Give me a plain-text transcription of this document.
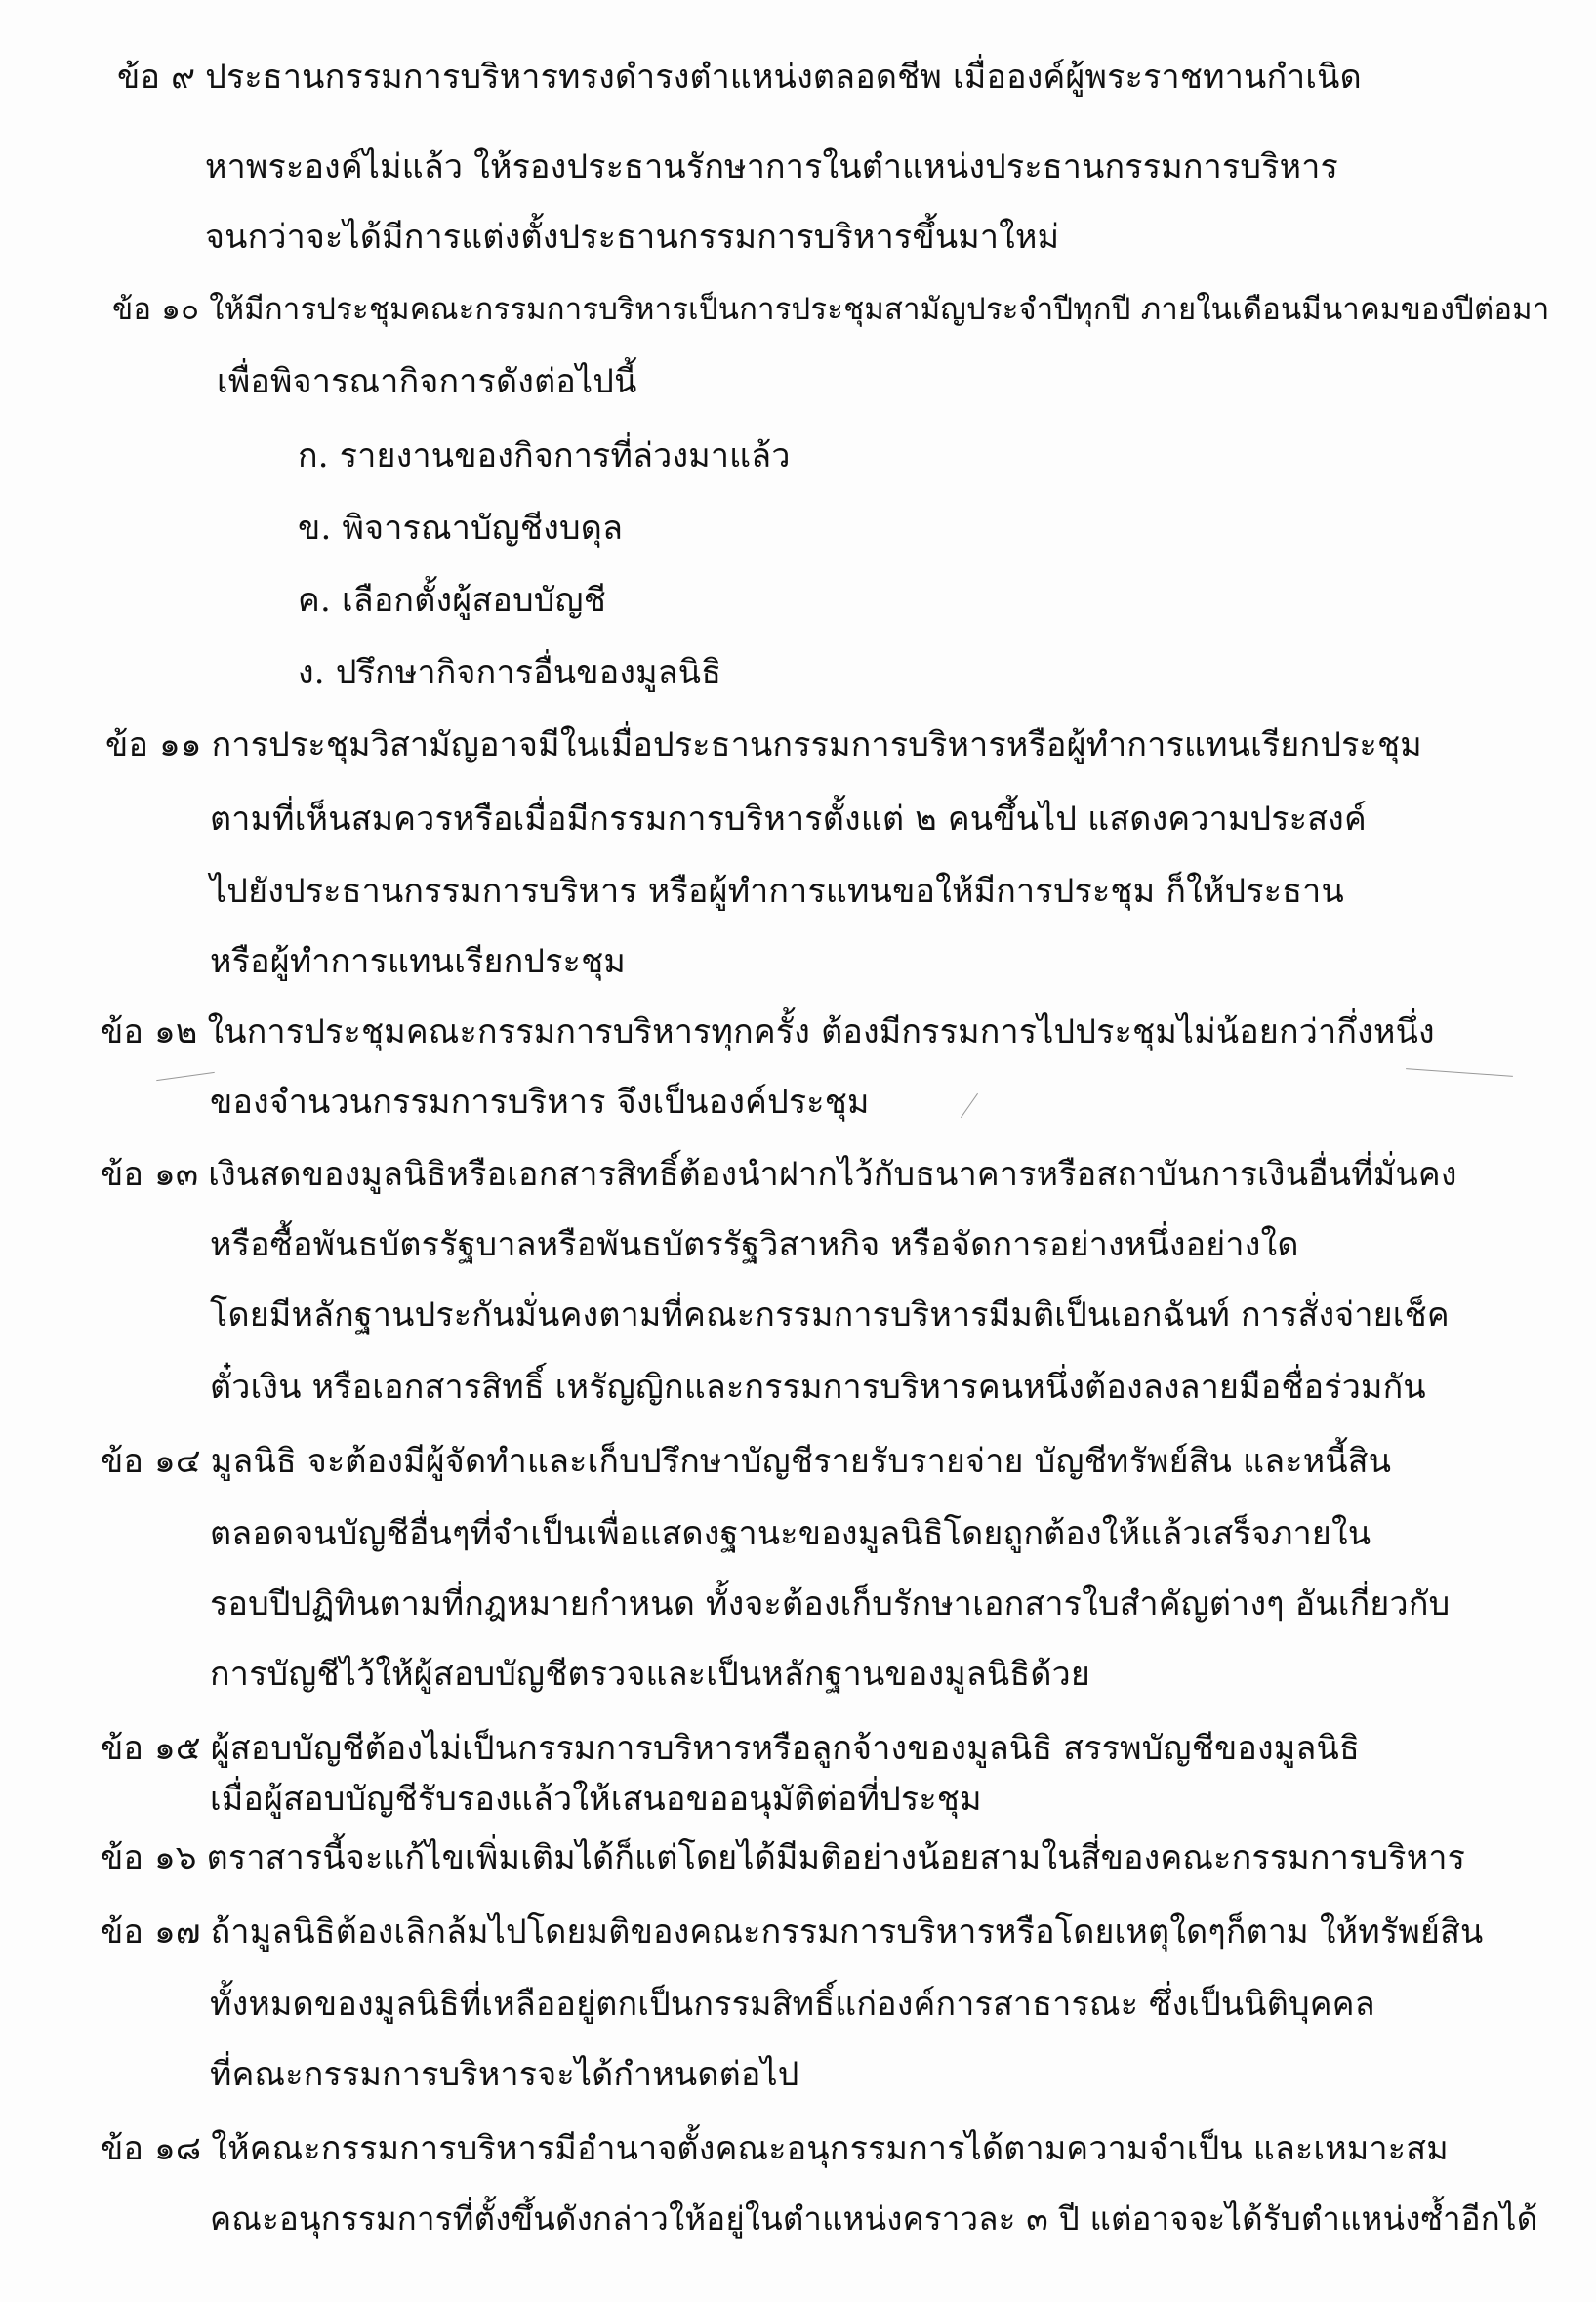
ข้อ ๙ ประธานกรรมการบริหารทรงดำรงตำแหน่งตลอดชีพ เมื่อองค์ผู้พระราชทานกำเนิด
หาพระองค์ไม่แล้ว ให้รองประธานรักษาการในตำแหน่งประธานกรรมการบริหาร
จนกว่าจะได้มีการแต่งตั้งประธานกรรมการบริหารขึ้นมาใหม่
ข้อ ๑๐ ให้มีการประชุมคณะกรรมการบริหารเป็นการประชุมสามัญประจำปีทุกปี ภายในเดือนมีนาคมของปีต่อมา
เพื่อพิจารณากิจการดังต่อไปนี้
ก. รายงานของกิจการที่ล่วงมาแล้ว
ข. พิจารณาบัญชีงบดุล
ค. เลือกตั้งผู้สอบบัญชี
ง. ปรึกษากิจการอื่นของมูลนิธิ
ข้อ ๑๑ การประชุมวิสามัญอาจมีในเมื่อประธานกรรมการบริหารหรือผู้ทำการแทนเรียกประชุม
ตามที่เห็นสมควรหรือเมื่อมีกรรมการบริหารตั้งแต่ ๒ คนขึ้นไป แสดงความประสงค์
ไปยังประธานกรรมการบริหาร หรือผู้ทำการแทนขอให้มีการประชุม ก็ให้ประธาน
หรือผู้ทำการแทนเรียกประชุม
ข้อ ๑๒ ในการประชุมคณะกรรมการบริหารทุกครั้ง ต้องมีกรรมการไปประชุมไม่น้อยกว่ากึ่งหนึ่ง
ของจำนวนกรรมการบริหาร จึงเป็นองค์ประชุม
ข้อ ๑๓ เงินสดของมูลนิธิหรือเอกสารสิทธิ์ต้องนำฝากไว้กับธนาคารหรือสถาบันการเงินอื่นที่มั่นคง
หรือซื้อพันธบัตรรัฐบาลหรือพันธบัตรรัฐวิสาหกิจ หรือจัดการอย่างหนึ่งอย่างใด
โดยมีหลักฐานประกันมั่นคงตามที่คณะกรรมการบริหารมีมติเป็นเอกฉันท์ การสั่งจ่ายเช็ค
ตั๋วเงิน หรือเอกสารสิทธิ์ เหรัญญิกและกรรมการบริหารคนหนึ่งต้องลงลายมือชื่อร่วมกัน
ข้อ ๑๔ มูลนิธิ จะต้องมีผู้จัดทำและเก็บปรึกษาบัญชีรายรับรายจ่าย บัญชีทรัพย์สิน และหนี้สิน
ตลอดจนบัญชีอื่นๆที่จำเป็นเพื่อแสดงฐานะของมูลนิธิโดยถูกต้องให้แล้วเสร็จภายใน
รอบปีปฏิทินตามที่กฎหมายกำหนด ทั้งจะต้องเก็บรักษาเอกสารใบสำคัญต่างๆ อันเกี่ยวกับ
การบัญชีไว้ให้ผู้สอบบัญชีตรวจและเป็นหลักฐานของมูลนิธิด้วย
ข้อ ๑๕ ผู้สอบบัญชีต้องไม่เป็นกรรมการบริหารหรือลูกจ้างของมูลนิธิ สรรพบัญชีของมูลนิธิ
เมื่อผู้สอบบัญชีรับรองแล้วให้เสนอขออนุมัติต่อที่ประชุม
ข้อ ๑๖ ตราสารนี้จะแก้ไขเพิ่มเติมได้ก็แต่โดยได้มีมติอย่างน้อยสามในสี่ของคณะกรรมการบริหาร
ข้อ ๑๗ ถ้ามูลนิธิต้องเลิกล้มไปโดยมติของคณะกรรมการบริหารหรือโดยเหตุใดๆก็ตาม ให้ทรัพย์สิน
ทั้งหมดของมูลนิธิที่เหลืออยู่ตกเป็นกรรมสิทธิ์แก่องค์การสาธารณะ ซึ่งเป็นนิติบุคคล
ที่คณะกรรมการบริหารจะได้กำหนดต่อไป
ข้อ ๑๘ ให้คณะกรรมการบริหารมีอำนาจตั้งคณะอนุกรรมการได้ตามความจำเป็น และเหมาะสม
คณะอนุกรรมการที่ตั้งขึ้นดังกล่าวให้อยู่ในตำแหน่งคราวละ ๓ ปี แต่อาจจะได้รับตำแหน่งซ้ำอีกได้
